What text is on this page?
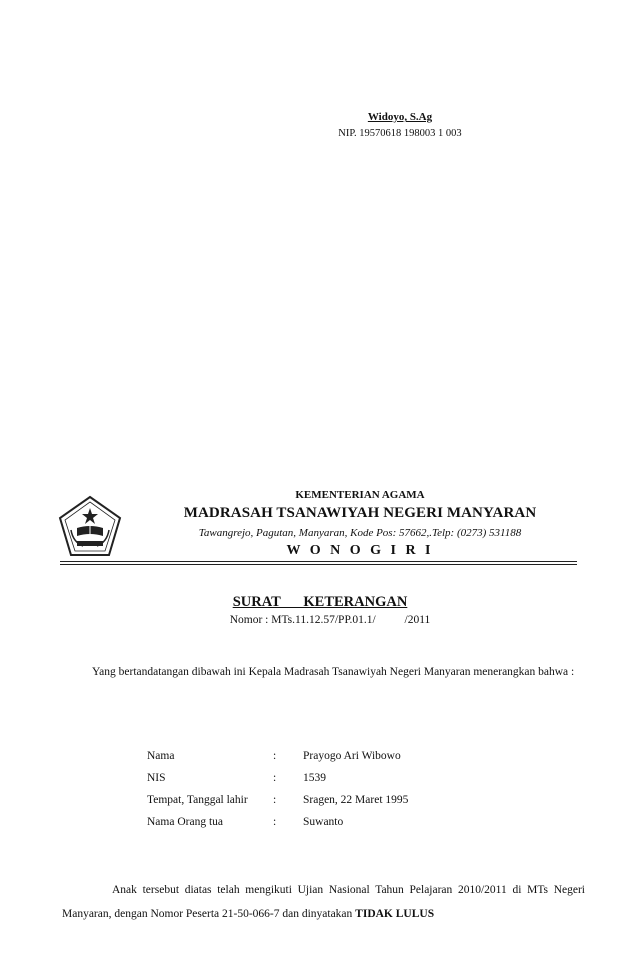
Widoyo, S.Ag
NIP. 19570618 198003 1 003
KEMENTERIAN AGAMA
MADRASAH TSANAWIYAH NEGERI MANYARAN
Tawangrejo, Pagutan, Manyaran, Kode Pos: 57662,.Telp: (0273) 531188
W O N O G I R I
SURAT   KETERANGAN
Nomor : MTs.11.12.57/PP.01.1/          /2011
Yang bertandatangan dibawah ini Kepala Madrasah Tsanawiyah Negeri Manyaran menerangkan bahwa :
Nama	:	Prayogo Ari Wibowo
NIS	:	1539
Tempat, Tanggal lahir	:	Sragen, 22 Maret 1995
Nama Orang tua	:	Suwanto
Anak tersebut diatas telah mengikuti Ujian Nasional Tahun Pelajaran 2010/2011 di MTs Negeri Manyaran, dengan Nomor Peserta 21-50-066-7 dan dinyatakan TIDAK LULUS
